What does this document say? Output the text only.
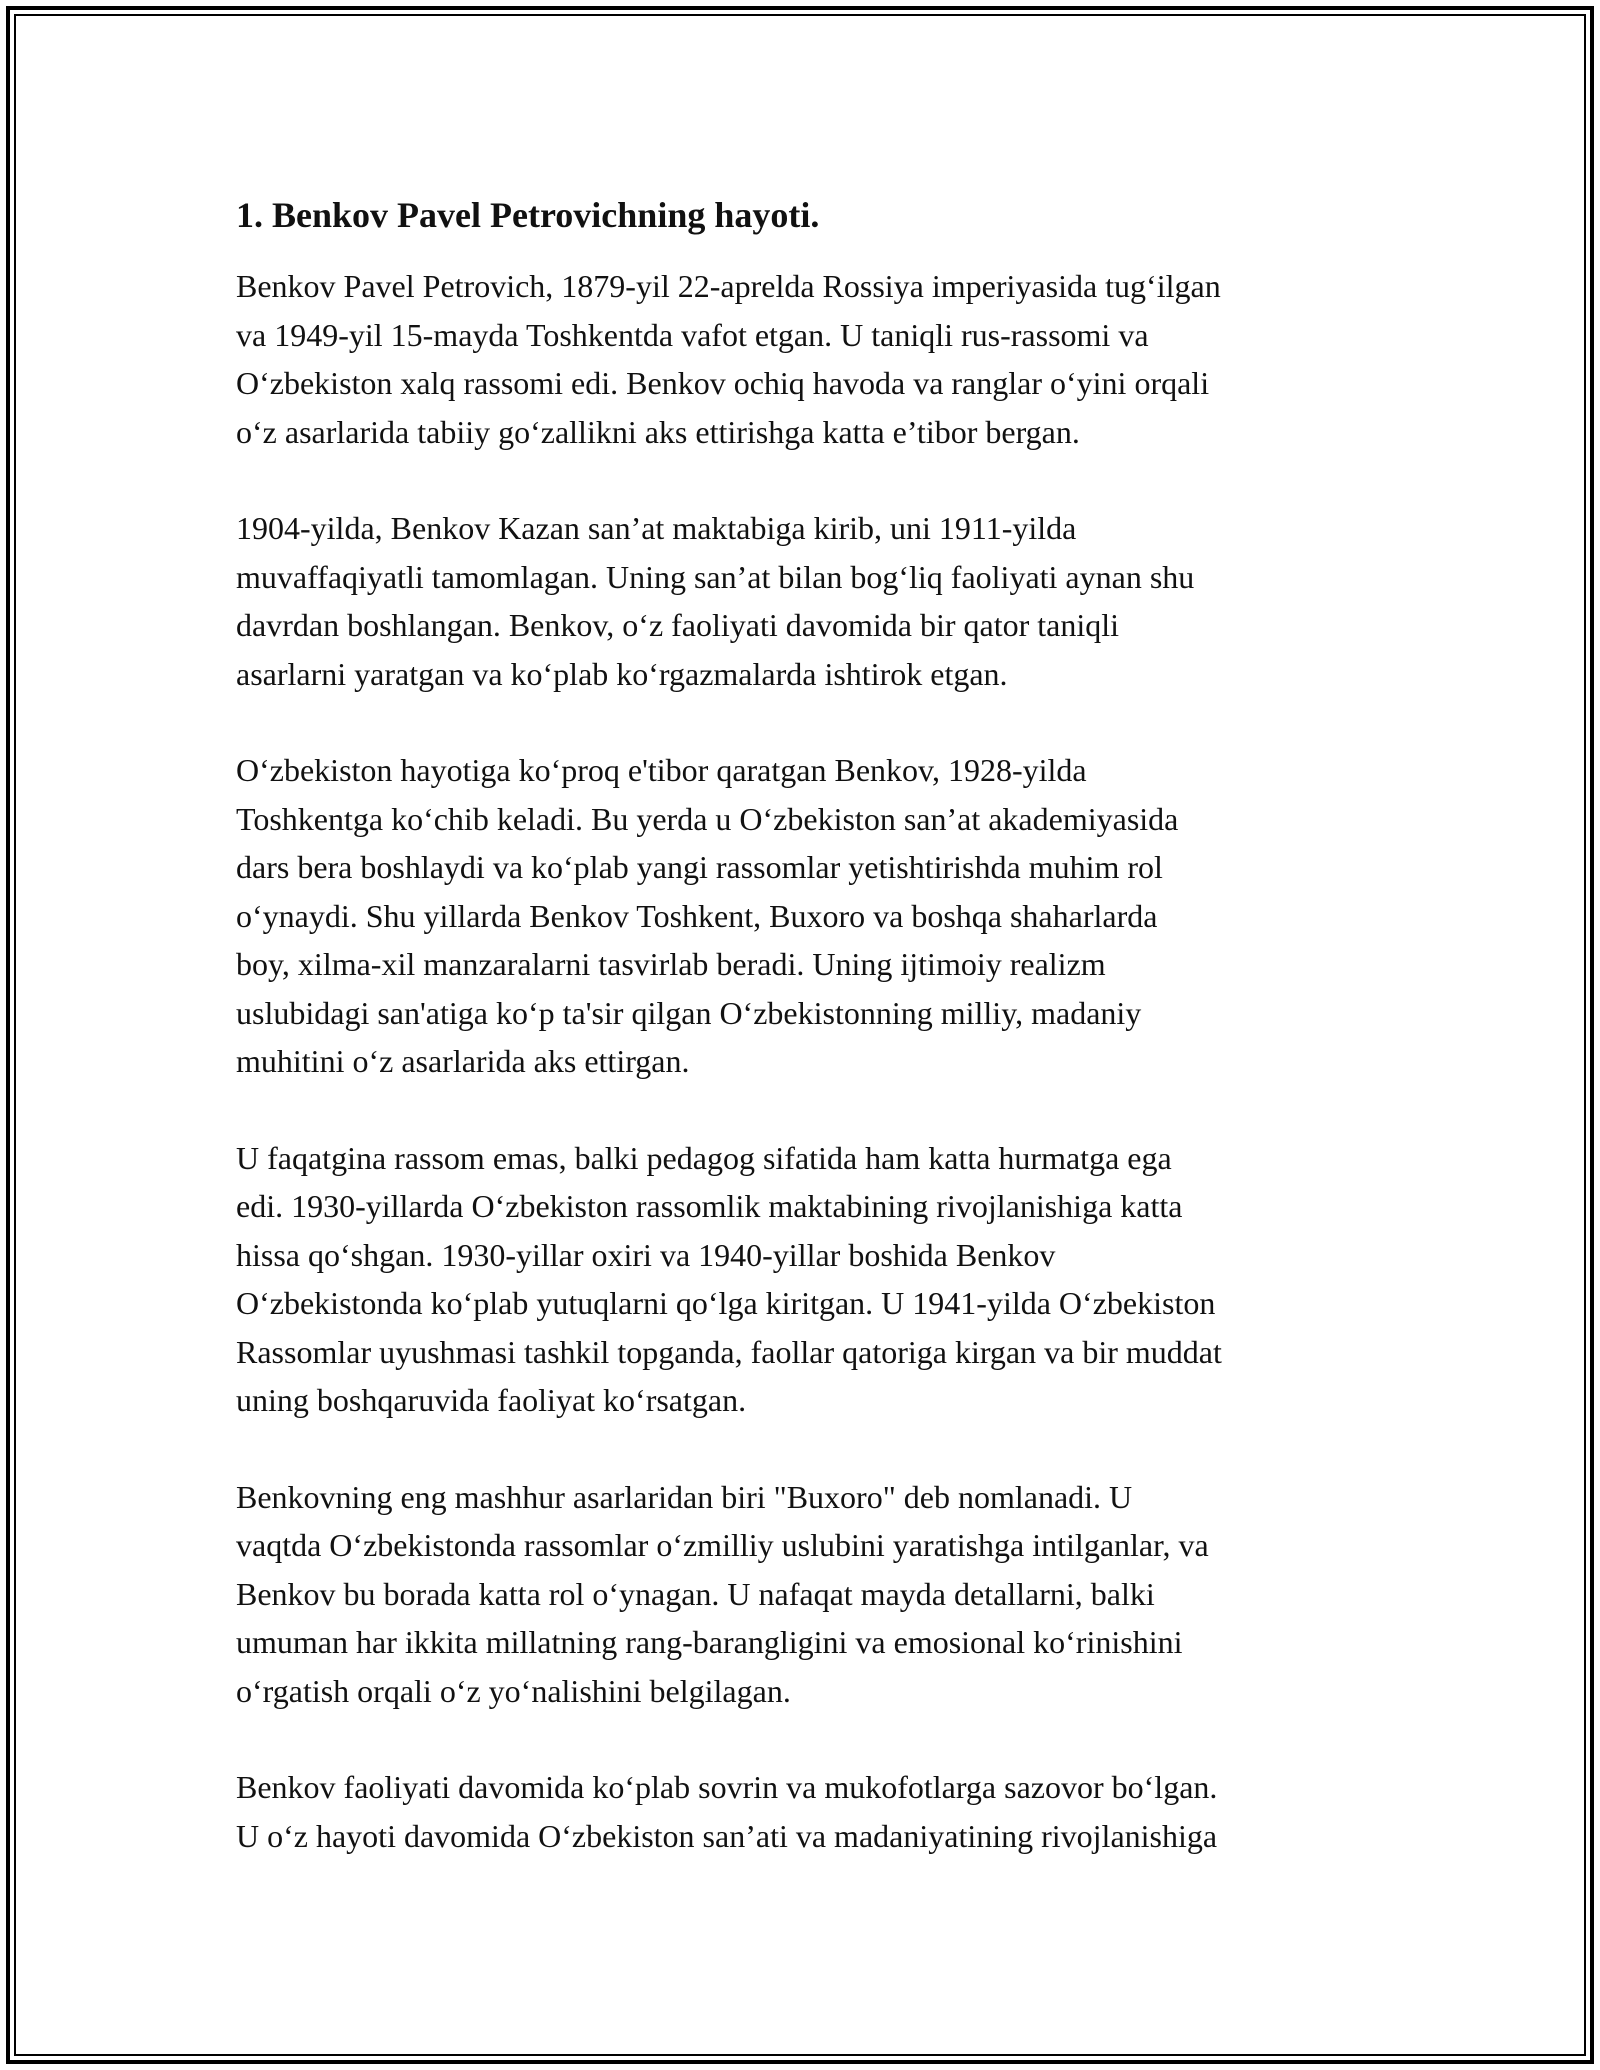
1. Benkov Pavel Petrovichning hayoti.
Benkov Pavel Petrovich, 1879-yil 22-aprelda Rossiya imperiyasida tug‘ilgan
va 1949-yil 15-mayda Toshkentda vafot etgan. U taniqli rus-rassomi va
O‘zbekiston xalq rassomi edi. Benkov ochiq havoda va ranglar o‘yini orqali
o‘z asarlarida tabiiy go‘zallikni aks ettirishga katta e’tibor bergan.
1904-yilda, Benkov Kazan san’at maktabiga kirib, uni 1911-yilda
muvaffaqiyatli tamomlagan. Uning san’at bilan bog‘liq faoliyati aynan shu
davrdan boshlangan. Benkov, o‘z faoliyati davomida bir qator taniqli
asarlarni yaratgan va ko‘plab ko‘rgazmalarda ishtirok etgan.
O‘zbekiston hayotiga ko‘proq e'tibor qaratgan Benkov, 1928-yilda
Toshkentga ko‘chib keladi. Bu yerda u O‘zbekiston san’at akademiyasida
dars bera boshlaydi va ko‘plab yangi rassomlar yetishtirishda muhim rol
o‘ynaydi. Shu yillarda Benkov Toshkent, Buxoro va boshqa shaharlarda
boy, xilma-xil manzaralarni tasvirlab beradi. Uning ijtimoiy realizm
uslubidagi san'atiga ko‘p ta'sir qilgan O‘zbekistonning milliy, madaniy
muhitini o‘z asarlarida aks ettirgan.
U faqatgina rassom emas, balki pedagog sifatida ham katta hurmatga ega
edi. 1930-yillarda O‘zbekiston rassomlik maktabining rivojlanishiga katta
hissa qo‘shgan. 1930-yillar oxiri va 1940-yillar boshida Benkov
O‘zbekistonda ko‘plab yutuqlarni qo‘lga kiritgan. U 1941-yilda O‘zbekiston
Rassomlar uyushmasi tashkil topganda, faollar qatoriga kirgan va bir muddat
uning boshqaruvida faoliyat ko‘rsatgan.
Benkovning eng mashhur asarlaridan biri "Buxoro" deb nomlanadi. U
vaqtda O‘zbekistonda rassomlar o‘zmilliy uslubini yaratishga intilganlar, va
Benkov bu borada katta rol o‘ynagan. U nafaqat mayda detallarni, balki
umuman har ikkita millatning rang-barangligini va emosional ko‘rinishini
o‘rgatish orqali o‘z yo‘nalishini belgilagan.
Benkov faoliyati davomida ko‘plab sovrin va mukofotlarga sazovor bo‘lgan.
U o‘z hayoti davomida O‘zbekiston san’ati va madaniyatining rivojlanishiga
